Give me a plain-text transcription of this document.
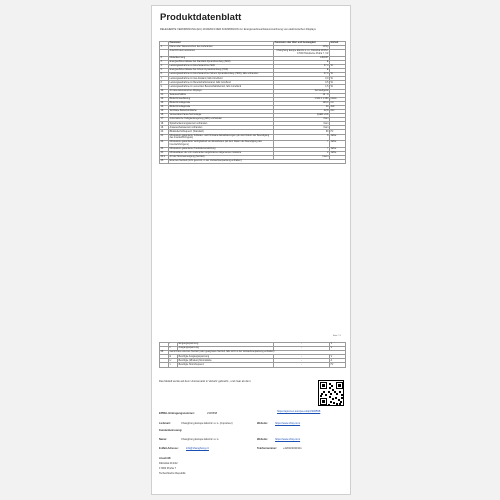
Produktdatenblatt
DELEGIERTE VERORDNUNG (EU) 2019/2013 DER KOMMISSION zur Energieverbrauchskennzeichnung von elektronischen Displays
	Parameter	Parameter oder Wert und Genauigkeit	Einheit
1.	Name oder Warenzeichen des Lieferanten	CHiQ	
	Anschrift des Lieferanten	Changhong Europe Electric s.r.o., Dělnická 213/12, 17000 Holešovice Praha 7, CZ	
2.	Modellkennung	L40G5T	
3.	Energieeffizienzklasse bei Standard-Dynamikumfang (SDR)	E	
4.	Leistungsaufnahme im Ein-Zustand bei SDR	37,0	W
5.	Energieeffizienzklasse bei hohem Dynamikumfang (HDR)	E	
6.	Leistungsaufnahme im Ein-Zustand bei hohem Dynamikumfang (HDR), falls vorhanden	37,0	W
7.	Leistungsaufnahme im Aus-Zustand, falls zutreffend	0,0	W
8.	Leistungsaufnahme im Bereitschaftszustand, falls zutreffend	0,5	W
9.	Leistungsaufnahme im vernetzten Bereitschaftsbetrieb, falls zutreffend	1,5	W
10.	Art des elektronischen Displays	Fernsehgerät	
11.	Seitenverhältnis	16 : 9	
12.	Bildschirmauflösung	1 920 x 1 080	pixels
13.	Bildschirmdiagonale	100,0	cm
14.	Bildschirmdiagonale	40	Zoll
15.	Sichtbare Bildschirmfläche	42,8	dm²
16.	Verwendete Panel-Technologie	QLED LCD	
17.	Automatische Helligkeitsregelung (ABC) vorhanden	Nein	
18.	Spracherkennungssensor vorhanden	Nein	
19.	Anwesenheitssensor vorhanden	Nein	
20.	Bildwiederholfrequenz (Standard)	60	Hz
21.	Mindestens garantierte Software- und Firmware-Aktualisierungen (ab dem Datum der Beendigung des Inverkehrbringens)	8	Jahre
22.	Mindestens garantierte Verfügbarkeit von Ersatzteilen (ab dem Datum der Beendigung des Inverkehrbringens)	7	Jahre
23.	Mindestens garantierte Produktunterstützung	7	Jahre
24.	Mindestdauer der vom Lieferanten angebotenen allgemeinen Garantie	2	Jahre
24.1	Art der Stromversorgung (Netzteil)	Intern	
25.	Externes Netzteil (nicht genormt, in der Verkaufsverpackung enthalten)		
Seite 1 / 1
	i	Eingangsspannung	-	V
	ii	Ausgangsspannung	-	V
26.	Genormtes externes Netzteil (oder geeignetes Netzteil, falls nicht in der Verkaufsverpackung enthalten)			
	iii	Benötigte Ausgangsspannung	-	V
	iv	Benötigte (Mindest-)Stromstärke	-	A
	v	Benötigte Stromfrequenz	-	Hz
Das Modell wurde auf dem Unionsmarkt in Verkehr gebracht , und zwar ab dem:
EPREL-Eintragungsnummer:	2336598
https://eprel.ec.europa.eu/qr/2336598
Lieferant:	Changhong Europe Electric s.r.o. (Importeur)	Website:	https://www.chiq.com/
Kundenbetreuung:
Name:	Changhong Europe Electric s.r.o.	Website:	https://www.chiq.com/
E-Mail-Adresse:	info@changhong.cz	Telefonnummer: +420322321911
Anschrift:
Dělnická 213/12
17000 Praha 7
Tschechische Republik
